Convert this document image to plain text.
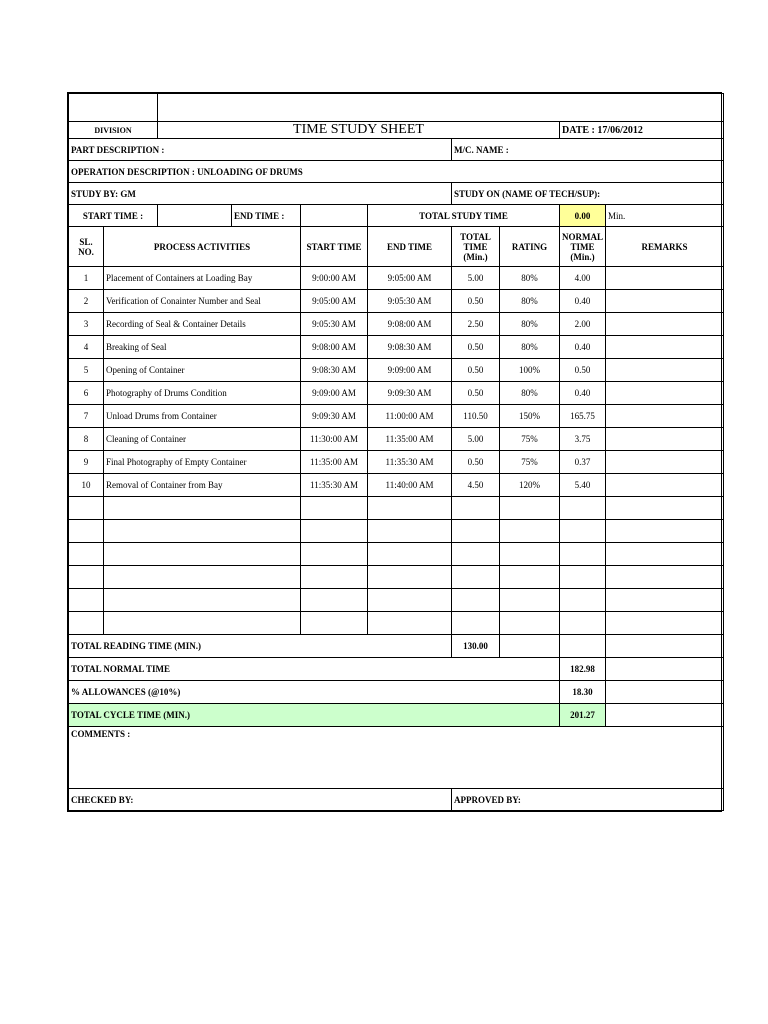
DIVISION		TIME STUDY SHEET						DATE : 17/06/2012	
PART DESCRIPTION :						M/C. NAME :			
OPERATION DESCRIPTION : UNLOADING OF DRUMS									
STUDY BY: GM						STUDY ON (NAME OF TECH/SUP):			
START TIME :			END TIME :		TOTAL STUDY TIME			0.00	Min.
SL. NO.	PROCESS ACTIVITIES			START TIME	END TIME	TOTAL TIME (Min.)	RATING	NORMAL TIME (Min.)	REMARKS
1	Placement of Containers at Loading Bay			9:00:00 AM	9:05:00 AM	5.00	80%	4.00	
2	Verification of Conainter Number and Seal			9:05:00 AM	9:05:30 AM	0.50	80%	0.40	
3	Recording of Seal & Container Details			9:05:30 AM	9:08:00 AM	2.50	80%	2.00	
4	Breaking of Seal			9:08:00 AM	9:08:30 AM	0.50	80%	0.40	
5	Opening of Container			9:08:30 AM	9:09:00 AM	0.50	100%	0.50	
6	Photography of Drums Condition			9:09:00 AM	9:09:30 AM	0.50	80%	0.40	
7	Unload Drums from Container			9:09:30 AM	11:00:00 AM	110.50	150%	165.75	
8	Cleaning of Container			11:30:00 AM	11:35:00 AM	5.00	75%	3.75	
9	Final Photography of Empty Container			11:35:00 AM	11:35:30 AM	0.50	75%	0.37	
10	Removal of Container from Bay			11:35:30 AM	11:40:00 AM	4.50	120%	5.40	

TOTAL READING TIME (MIN.)						130.00			
TOTAL NORMAL TIME								182.98	
% ALLOWANCES (@10%)								18.30	
TOTAL CYCLE TIME (MIN.)								201.27	
COMMENTS :									
CHECKED BY:						APPROVED BY:			
